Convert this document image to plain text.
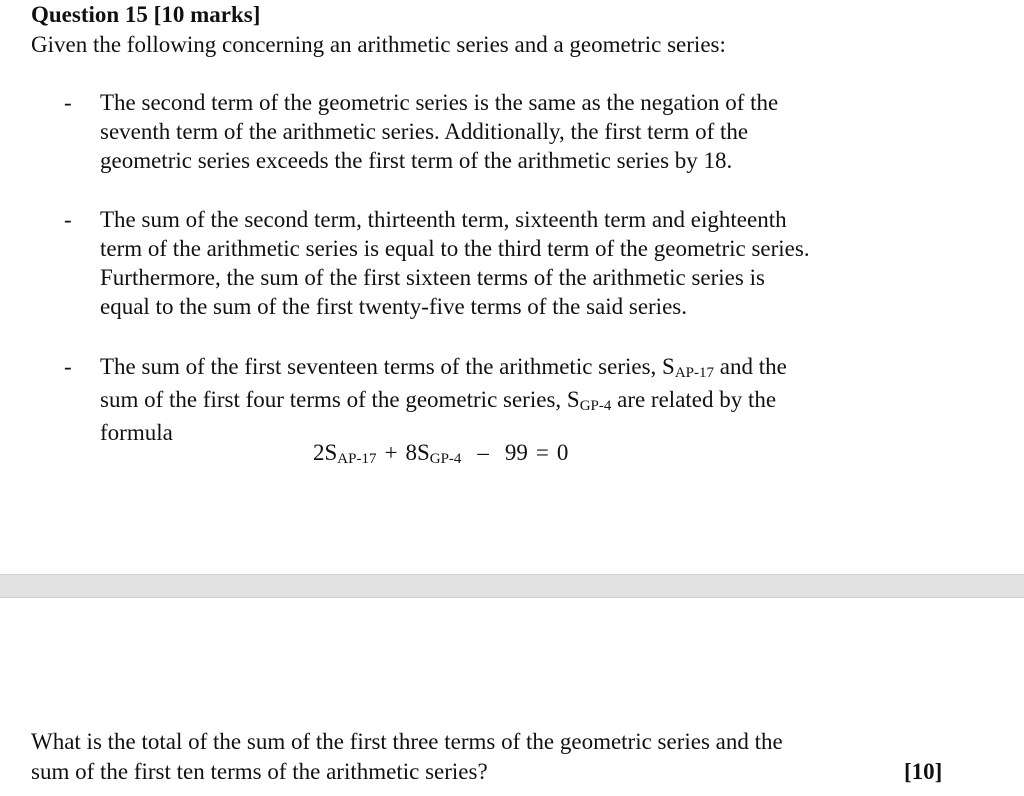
Question 15 [10 marks]
Given the following concerning an arithmetic series and a geometric series:
- The second term of the geometric series is the same as the negation of the
seventh term of the arithmetic series. Additionally, the first term of the
geometric series exceeds the first term of the arithmetic series by 18.
- The sum of the second term, thirteenth term, sixteenth term and eighteenth
term of the arithmetic series is equal to the third term of the geometric series.
Furthermore, the sum of the first sixteen terms of the arithmetic series is
equal to the sum of the first twenty-five terms of the said series.
- The sum of the first seventeen terms of the arithmetic series, SAP-17 and the
sum of the first four terms of the geometric series, SGP-4 are related by the
formula
2SAP-17 + 8SGP-4 – 99 = 0
What is the total of the sum of the first three terms of the geometric series and the
sum of the first ten terms of the arithmetic series?	[10]
